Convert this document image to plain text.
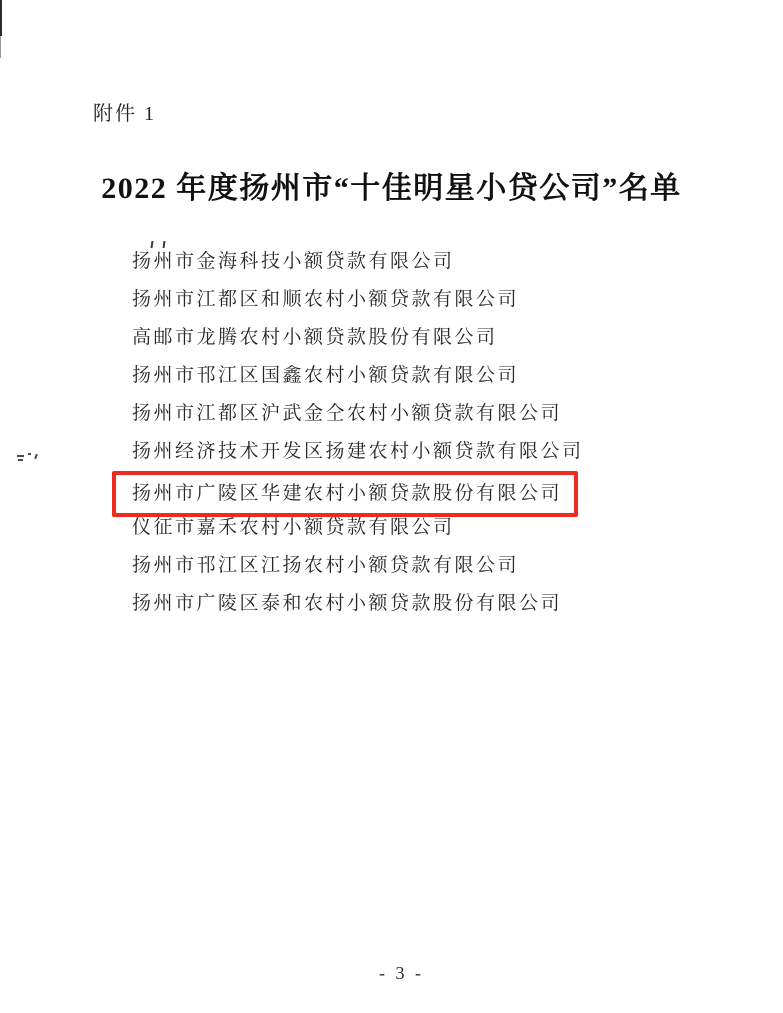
附件 1
2022 年度扬州市“十佳明星小贷公司”名单
扬州市金海科技小额贷款有限公司
扬州市江都区和顺农村小额贷款有限公司
高邮市龙腾农村小额贷款股份有限公司
扬州市邗江区国鑫农村小额贷款有限公司
扬州市江都区沪武金仝农村小额贷款有限公司
扬州经济技术开发区扬建农村小额贷款有限公司
扬州市广陵区华建农村小额贷款股份有限公司
仪征市嘉禾农村小额贷款有限公司
扬州市邗江区江扬农村小额贷款有限公司
扬州市广陵区泰和农村小额贷款股份有限公司
- 3 -
